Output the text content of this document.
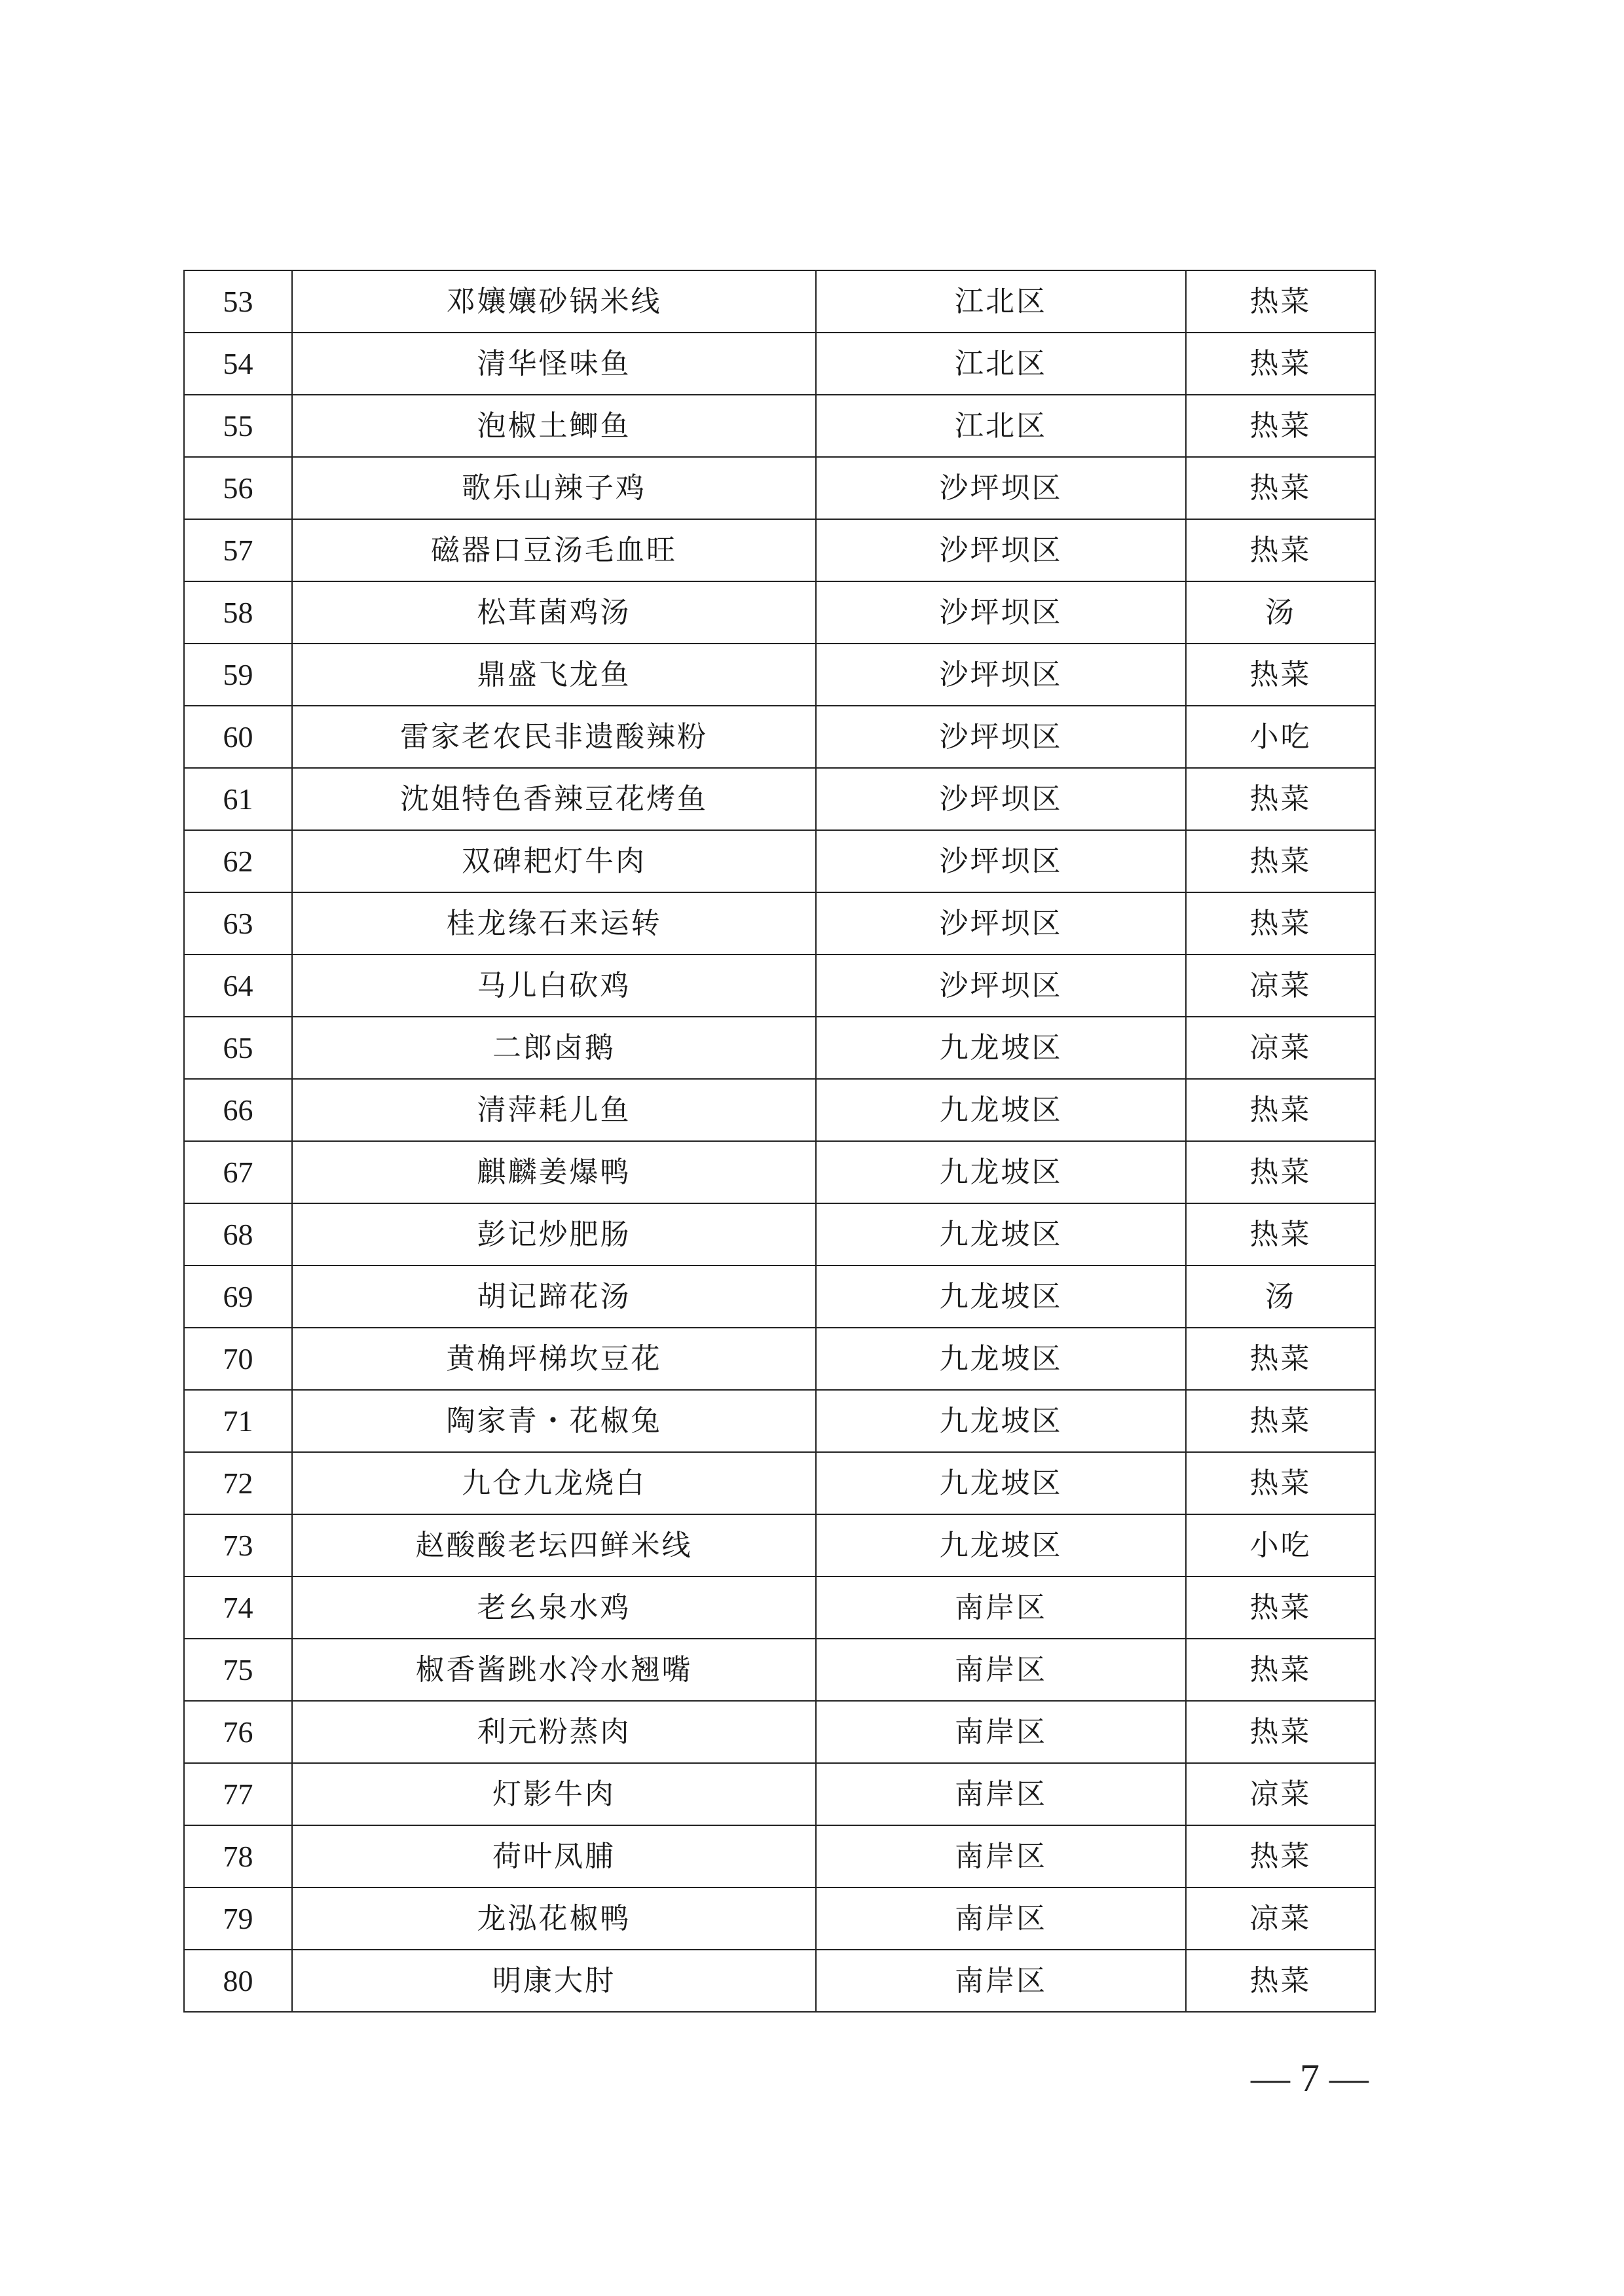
53	邓孃孃砂锅米线	江北区	热菜
54	清华怪味鱼	江北区	热菜
55	泡椒土鲫鱼	江北区	热菜
56	歌乐山辣子鸡	沙坪坝区	热菜
57	磁器口豆汤毛血旺	沙坪坝区	热菜
58	松茸菌鸡汤	沙坪坝区	汤
59	鼎盛飞龙鱼	沙坪坝区	热菜
60	雷家老农民非遗酸辣粉	沙坪坝区	小吃
61	沈姐特色香辣豆花烤鱼	沙坪坝区	热菜
62	双碑耙灯牛肉	沙坪坝区	热菜
63	桂龙缘石来运转	沙坪坝区	热菜
64	马儿白砍鸡	沙坪坝区	凉菜
65	二郎卤鹅	九龙坡区	凉菜
66	清萍耗儿鱼	九龙坡区	热菜
67	麒麟姜爆鸭	九龙坡区	热菜
68	彭记炒肥肠	九龙坡区	热菜
69	胡记蹄花汤	九龙坡区	汤
70	黄桷坪梯坎豆花	九龙坡区	热菜
71	陶家青・花椒兔	九龙坡区	热菜
72	九仓九龙烧白	九龙坡区	热菜
73	赵酸酸老坛四鲜米线	九龙坡区	小吃
74	老幺泉水鸡	南岸区	热菜
75	椒香酱跳水冷水翘嘴	南岸区	热菜
76	利元粉蒸肉	南岸区	热菜
77	灯影牛肉	南岸区	凉菜
78	荷叶凤脯	南岸区	热菜
79	龙泓花椒鸭	南岸区	凉菜
80	明康大肘	南岸区	热菜
— 7 —
